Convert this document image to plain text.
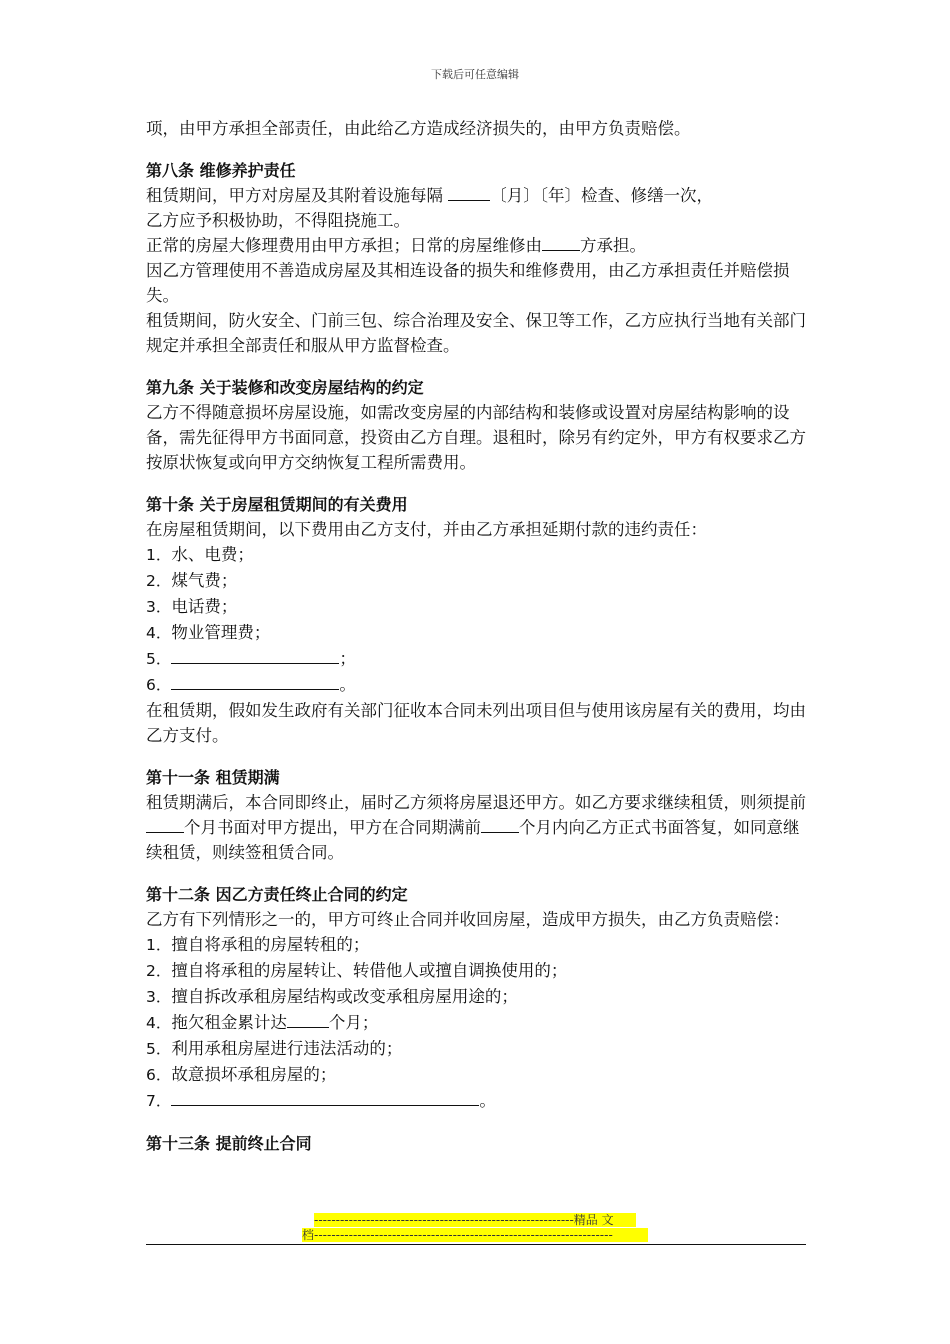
下载后可任意编辑

项，由甲方承担全部责任，由此给乙方造成经济损失的，由甲方负责赔偿。

第八条 维修养护责任

租赁期间，甲方对房屋及其附着设施每隔	〔月〕〔年〕检查、修缮一次，
乙方应予积极协助，不得阻挠施工。

正常的房屋大修理费用由甲方承担；日常的房屋维修由 方承担。

因乙方管理使用不善造成房屋及其相连设备的损失和维修费用，由乙方承担责任并赔偿损失。

租赁期间，防火安全、门前三包、综合治理及安全、保卫等工作，乙方应执行当地有关部门规定并承担全部责任和服从甲方监督检查。

第九条 关于装修和改变房屋结构的约定

乙方不得随意损坏房屋设施，如需改变房屋的内部结构和装修或设置对房屋结构影响的设备，需先征得甲方书面同意，投资由乙方自理。退租时，除另有约定外，甲方有权要求乙方按原状恢复或向甲方交纳恢复工程所需费用。

第十条 关于房屋租赁期间的有关费用

在房屋租赁期间，以下费用由乙方支付，并由乙方承担延期付款的违约责任：

1．水、电费；

2．煤气费；

3．电话费；

4．物业管理费；

5．	；

6．	。

在租赁期，假如发生政府有关部门征收本合同未列出项目但与使用该房屋有关的费用，均由乙方支付。

第十一条 租赁期满

租赁期满后，本合同即终止，届时乙方须将房屋退还甲方。如乙方要求继续租赁，则须提前个月书面对甲方提出，甲方在合同期满前 个月内向乙方正式书面答复，如同意继续租赁，则续签租赁合同。

第十二条 因乙方责任终止合同的约定

乙方有下列情形之一的，甲方可终止合同并收回房屋，造成甲方损失，由乙方负责赔偿：

1．擅自将承租的房屋转租的；

2．擅自将承租的房屋转让、转借他人或擅自调换使用的；

3．擅自拆改承租房屋结构或改变承租房屋用途的；

4．拖欠租金累计达	个月；

5．利用承租房屋进行违法活动的；

6．故意损坏承租房屋的；

7．	。

第十三条 提前终止合同

------------------------------------------------------------精品 文
档---------------------------------------------------------------------
